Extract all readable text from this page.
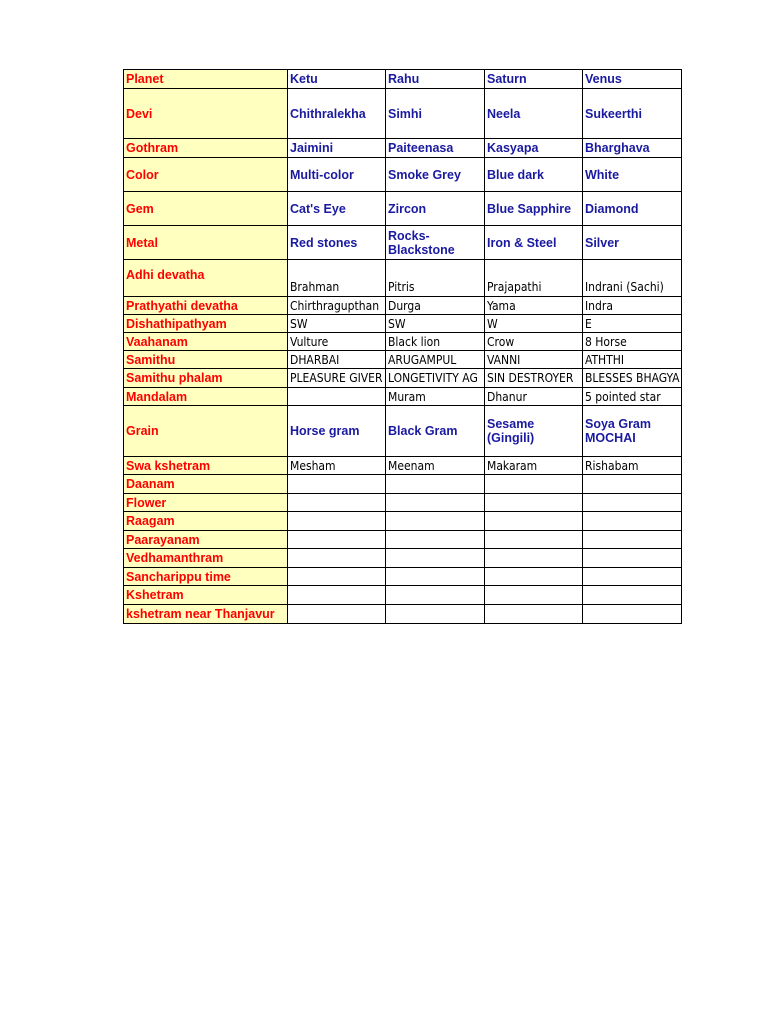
Planet	Ketu	Rahu	Saturn	Venus
Devi	Chithralekha	Simhi	Neela	Sukeerthi
Gothram	Jaimini	Paiteenasa	Kasyapa	Bharghava
Color	Multi-color	Smoke Grey	Blue dark	White
Gem	Cat's Eye	Zircon	Blue Sapphire	Diamond
Metal	Red stones	Rocks-Blackstone	Iron & Steel	Silver
Adhi devatha	Brahman	Pitris	Prajapathi	Indrani (Sachi)
Prathyathi devatha	Chirthragupthan	Durga	Yama	Indra
Dishathipathyam	SW	SW	W	E
Vaahanam	Vulture	Black lion	Crow	8 Horse
Samithu	DHARBAI	ARUGAMPUL	VANNI	ATHTHI
Samithu phalam	PLEASURE GIVER	LONGETIVITY AG	SIN DESTROYER	BLESSES BHAGYA
Mandalam		Muram	Dhanur	5 pointed star
Grain	Horse gram	Black Gram	Sesame (Gingili)	Soya Gram MOCHAI
Swa kshetram	Mesham	Meenam	Makaram	Rishabam
Daanam				
Flower				
Raagam				
Paarayanam				
Vedhamanthram				
Sancharippu time				
Kshetram				
kshetram near Thanjavur				
